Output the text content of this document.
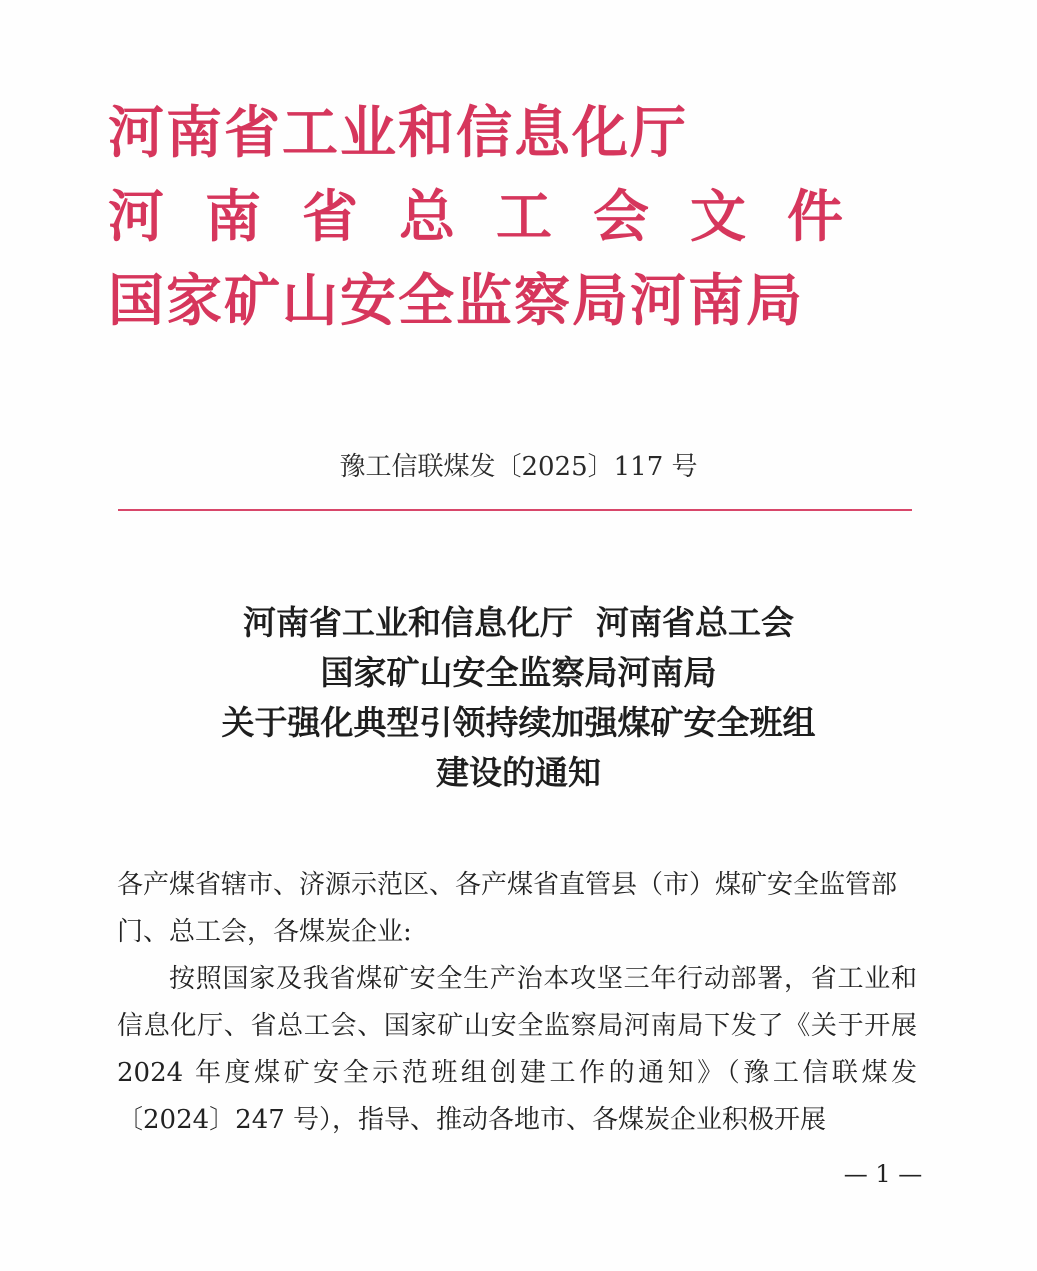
河南省工业和信息化厅
河南省总工会文件
国家矿山安全监察局河南局
豫工信联煤发〔2025〕117 号
河南省工业和信息化厅  河南省总工会
国家矿山安全监察局河南局
关于强化典型引领持续加强煤矿安全班组
建设的通知

各产煤省辖市、济源示范区、各产煤省直管县（市）煤矿安全监管部门、总工会，各煤炭企业:

按照国家及我省煤矿安全生产治本攻坚三年行动部署，省工业和信息化厅、省总工会、国家矿山安全监察局河南局下发了《关于开展 2024 年度煤矿安全示范班组创建工作的通知》（豫工信联煤发〔2024〕247 号），指导、推动各地市、各煤炭企业积极开展

— 1 —
